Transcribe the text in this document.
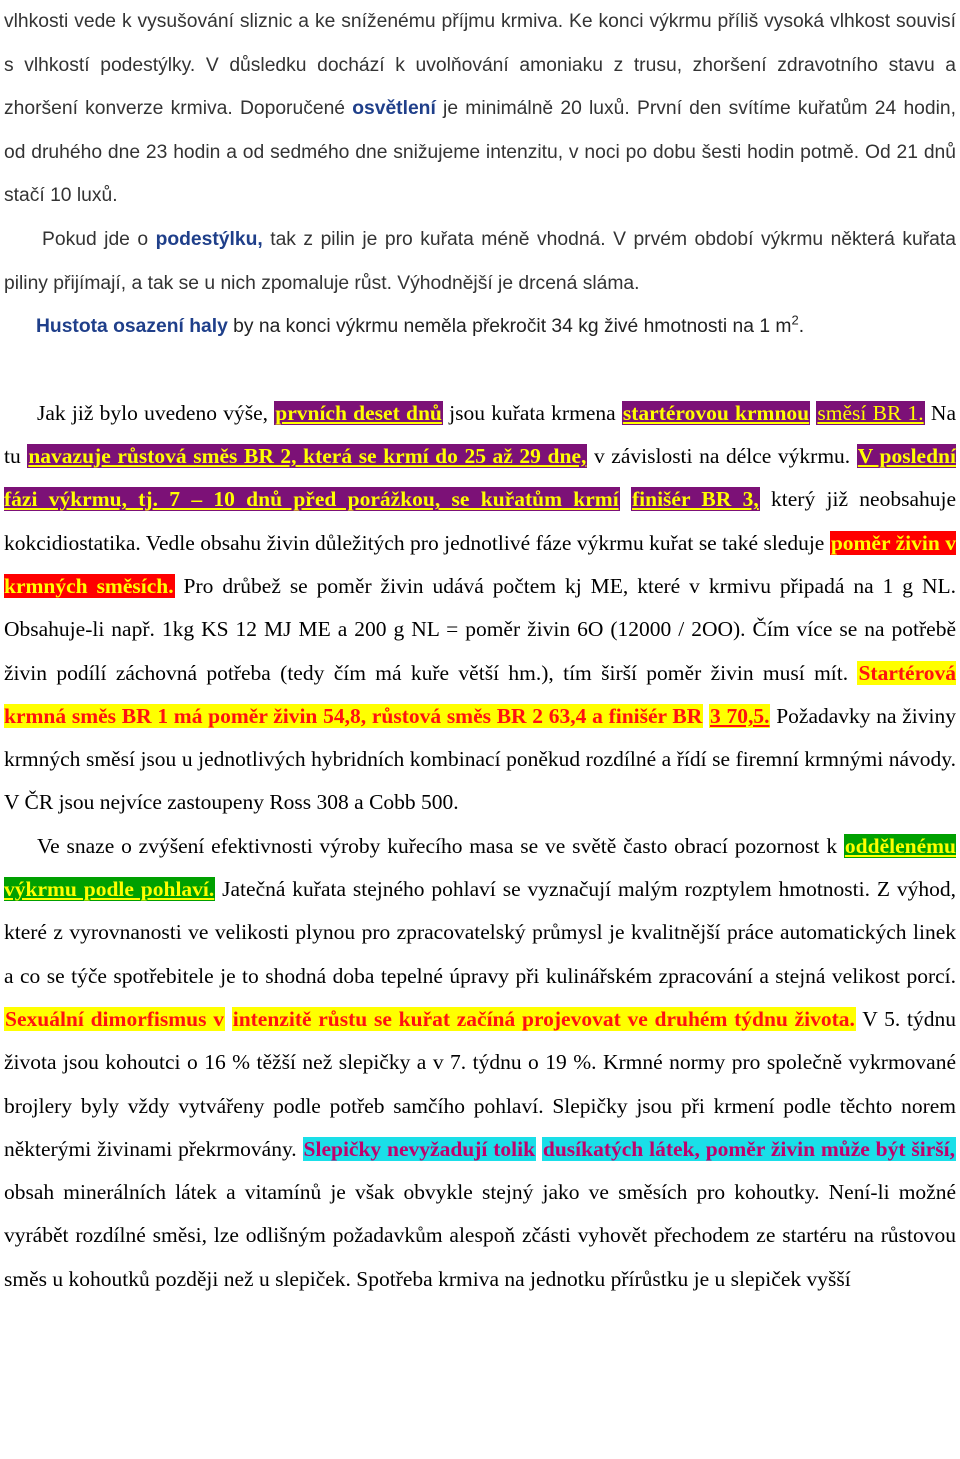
vlhkosti vede k vysušování sliznic a ke sníženému příjmu krmiva. Ke konci výkrmu příliš vysoká vlhkost souvisí s vlhkostí podestýlky. V důsledku dochází k uvolňování amoniaku z trusu, zhoršení zdravotního stavu a zhoršení konverze krmiva. Doporučené osvětlení je minimálně 20 luxů. První den svítíme kuřatům 24 hodin, od druhého dne 23 hodin a od sedmého dne snižujeme intenzitu, v noci po dobu šesti hodin potmě. Od 21 dnů stačí 10 luxů.

Pokud jde o podestýlku, tak z pilin je pro kuřata méně vhodná. V prvém období výkrmu některá kuřata piliny přijímají, a tak se u nich zpomaluje růst. Výhodnější je drcená sláma.

Hustota osazení haly by na konci výkrmu neměla překročit 34 kg živé hmotnosti na 1 $m^2$.

Jak již bylo uvedeno výše, prvních deset dnů jsou kuřata krmena startérovou krmnou směsí BR 1. Na tu navazuje růstová směs BR 2, která se krmí do 25 až 29 dne, v závislosti na délce výkrmu. V poslední fázi výkrmu, tj. 7 – 10 dnů před porážkou, se kuřatům krmí finišér BR 3, který již neobsahuje kokcidiostatika. Vedle obsahu živin důležitých pro jednotlivé fáze výkrmu kuřat se také sleduje poměr živin v krmných směsích. Pro drůbež se poměr živin udává počtem kj ME, které v krmivu připadá na 1 g NL. Obsahuje-li např. 1kg KS 12 MJ ME a 200 g NL = poměr živin 6O (12000 / 2OO). Čím více se na potřebě živin podílí záchovná potřeba (tedy čím má kuře větší hm.), tím širší poměr živin musí mít. Startérová krmná směs BR 1 má poměr živin 54,8, růstová směs BR 2 63,4 a finišér BR 3 70,5. Požadavky na živiny krmných směsí jsou u jednotlivých hybridních kombinací poněkud rozdílné a řídí se firemní krmnými návody. V ČR jsou nejvíce zastoupeny Ross 308 a Cobb 500.

Ve snaze o zvýšení efektivnosti výroby kuřecího masa se ve světě často obrací pozornost k oddělenému výkrmu podle pohlaví. Jatečná kuřata stejného pohlaví se vyznačují malým rozptylem hmotnosti. Z výhod, které z vyrovnanosti ve velikosti plynou pro zpracovatelský průmysl je kvalitnější práce automatických linek a co se týče spotřebitele je to shodná doba tepelné úpravy při kulinářském zpracování a stejná velikost porcí. Sexuální dimorfismus v intenzitě růstu se kuřat začíná projevovat ve druhém týdnu života. V 5. týdnu života jsou kohoutci o 16 % těžší než slepičky a v 7. týdnu o 19 %. Krmné normy pro společně vykrmované brojlery byly vždy vytvářeny podle potřeb samčího pohlaví. Slepičky jsou při krmení podle těchto norem některými živinami překrmovány. Slepičky nevyžadují tolik dusíkatých látek, poměr živin může být širší, obsah minerálních látek a vitamínů je však obvykle stejný jako ve směsích pro kohoutky. Není-li možné vyrábět rozdílné směsi, lze odlišným požadavkům alespoň zčásti vyhovět přechodem ze startéru na růstovou směs u kohoutků později než u slepiček. Spotřeba krmiva na jednotku přírůstku je u slepiček vyšší
